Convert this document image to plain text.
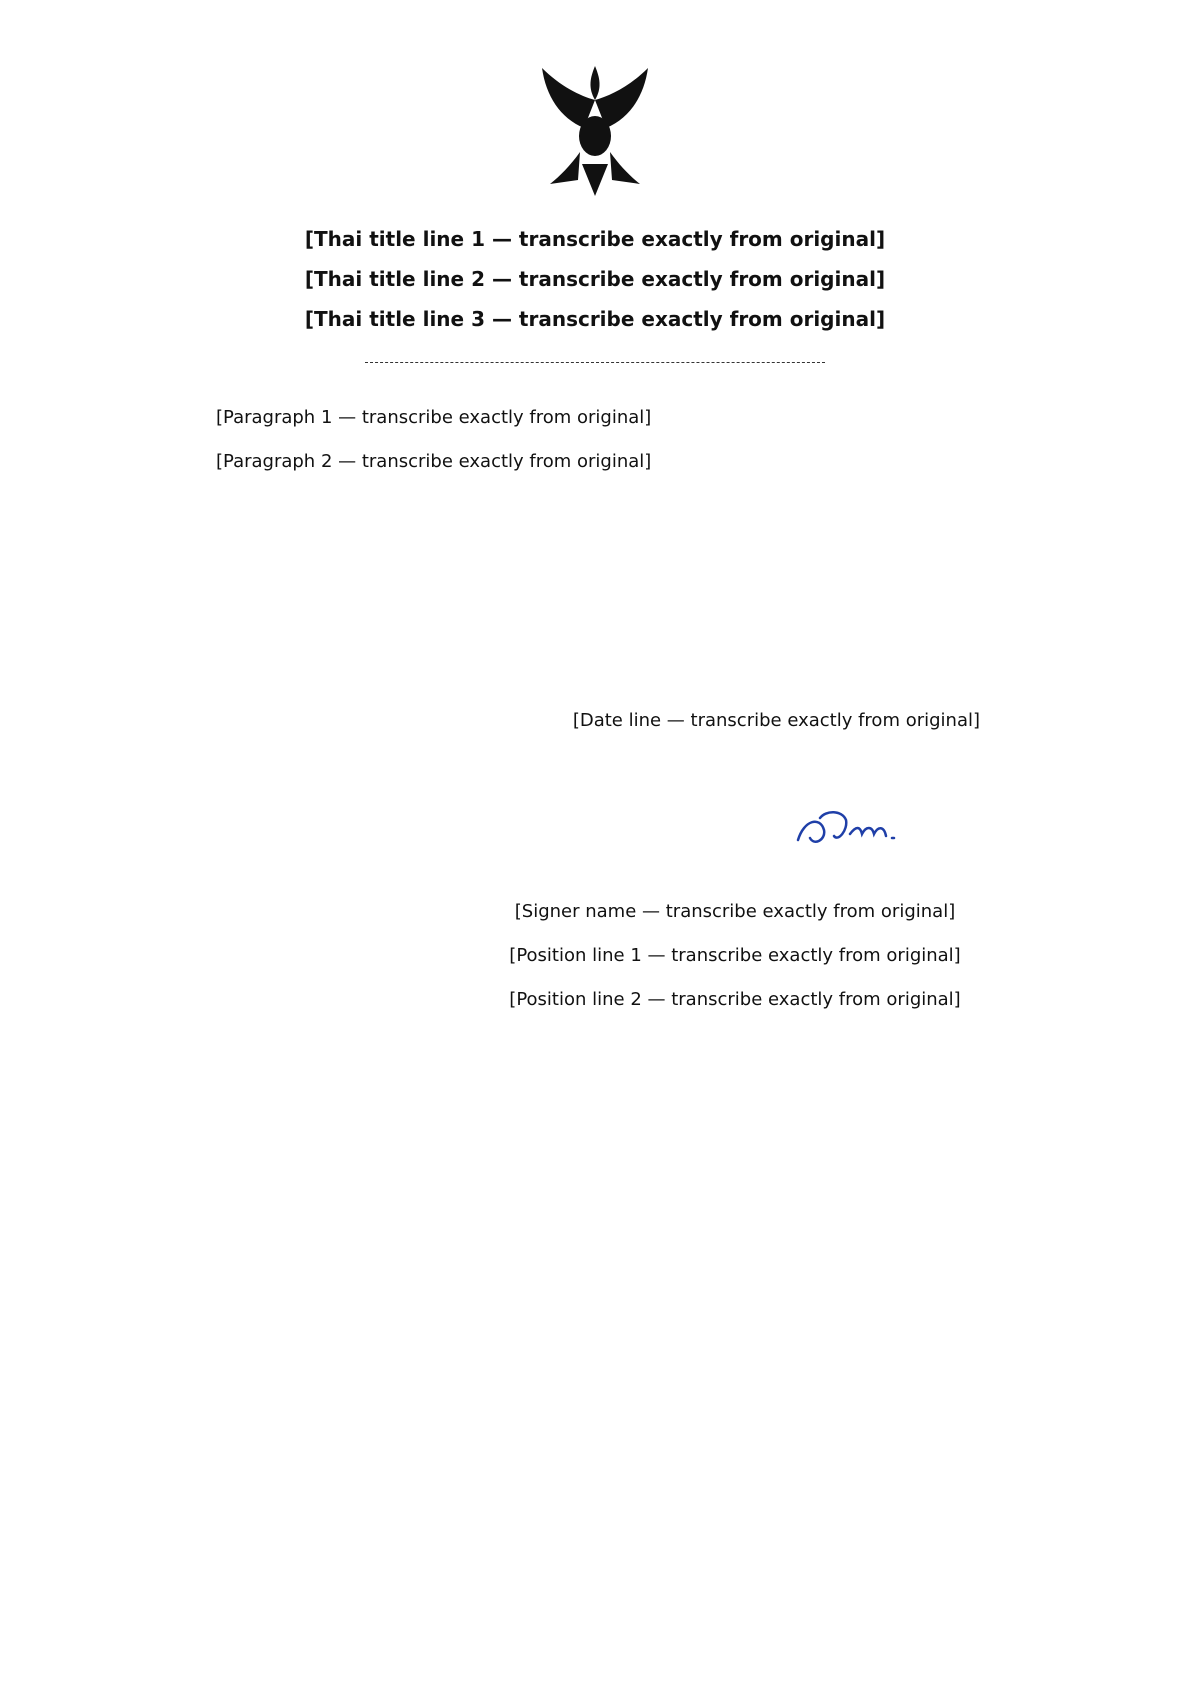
[Thai title line 1 — transcribe exactly from original]
[Thai title line 2 — transcribe exactly from original]
[Thai title line 3 — transcribe exactly from original]

[Paragraph 1 — transcribe exactly from original]

[Paragraph 2 — transcribe exactly from original]

[Date line — transcribe exactly from original]
[Signer name — transcribe exactly from original]
[Position line 1 — transcribe exactly from original]
[Position line 2 — transcribe exactly from original]
